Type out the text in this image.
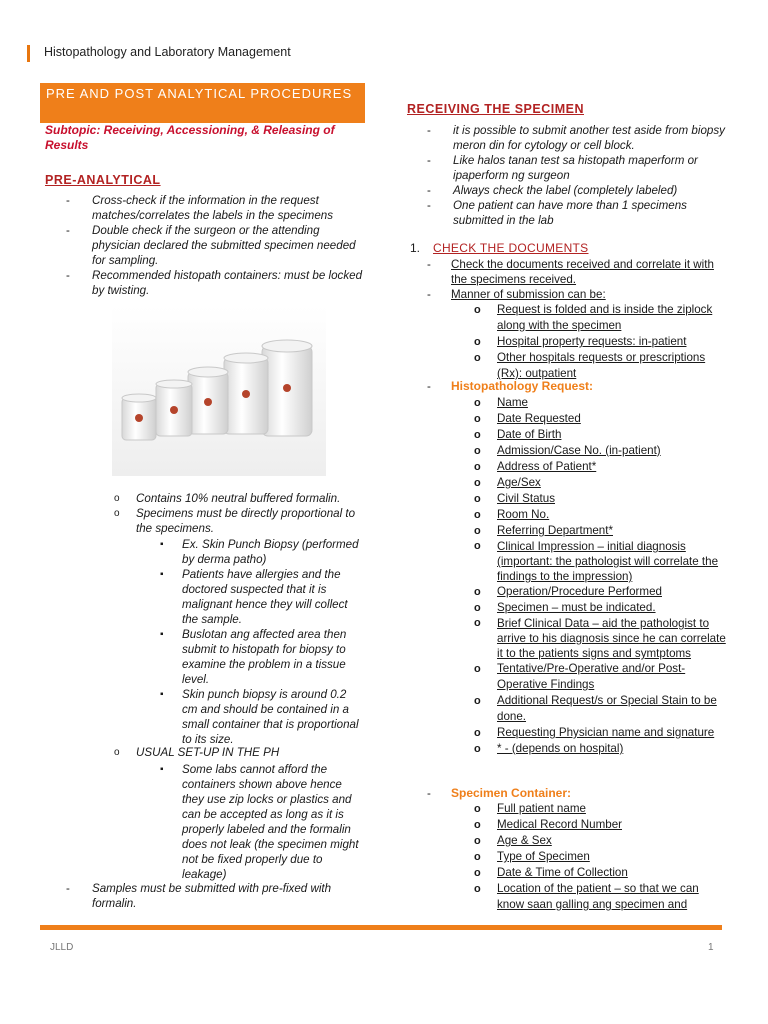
Histopathology and Laboratory Management
PRE AND POST ANALYTICAL PROCEDURES
Subtopic: Receiving, Accessioning, & Releasing of Results
PRE-ANALYTICAL
- Cross-check if the information in the request matches/correlates the labels in the specimens
- Double check if the surgeon or the attending physician declared the submitted specimen needed for sampling.
- Recommended histopath containers: must be locked by twisting.
o Contains 10% neutral buffered formalin.
o Specimens must be directly proportional to the specimens.
▪ Ex. Skin Punch Biopsy (performed by derma patho)
▪ Patients have allergies and the doctored suspected that it is malignant hence they will collect the sample.
▪ Buslotan ang affected area then submit to histopath for biopsy to examine the problem in a tissue level.
▪ Skin punch biopsy is around 0.2 cm and should be contained in a small container that is proportional to its size.
o USUAL SET-UP IN THE PH
▪ Some labs cannot afford the containers shown above hence they use zip locks or plastics and can be accepted as long as it is properly labeled and the formalin does not leak (the specimen might not be fixed properly due to leakage)
- Samples must be submitted with pre-fixed with formalin.
RECEIVING THE SPECIMEN
- it is possible to submit another test aside from biopsy meron din for cytology or cell block.
- Like halos tanan test sa histopath maperform or ipaperform ng surgeon
- Always check the label (completely labeled)
- One patient can have more than 1 specimens submitted in the lab
1. CHECK THE DOCUMENTS
- Check the documents received and correlate it with the specimens received.
- Manner of submission can be:
o Request is folded and is inside the ziplock along with the specimen
o Hospital property requests: in-patient
o Other hospitals requests or prescriptions (Rx): outpatient
- Histopathology Request:
o Name
o Date Requested
o Date of Birth
o Admission/Case No. (in-patient)
o Address of Patient*
o Age/Sex
o Civil Status
o Room No.
o Referring Department*
o Clinical Impression – initial diagnosis (important: the pathologist will correlate the findings to the impression)
o Operation/Procedure Performed
o Specimen – must be indicated.
o Brief Clinical Data – aid the pathologist to arrive to his diagnosis since he can correlate it to the patients signs and symtptoms
o Tentative/Pre-Operative and/or Post-Operative Findings
o Additional Request/s or Special Stain to be done.
o Requesting Physician name and signature
o * - (depends on hospital)
- Specimen Container:
o Full patient name
o Medical Record Number
o Age & Sex
o Type of Specimen
o Date & Time of Collection
o Location of the patient – so that we can know saan galling ang specimen and
JLLD	1
